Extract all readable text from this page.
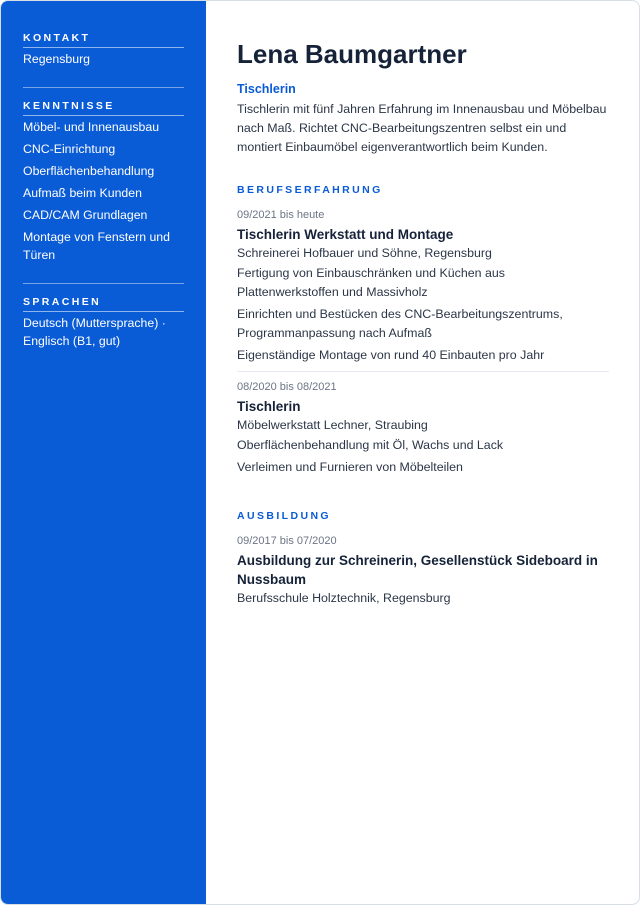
KONTAKT
Regensburg
KENNTNISSE
Möbel- und Innenausbau
CNC-Einrichtung
Oberflächenbehandlung
Aufmaß beim Kunden
CAD/CAM Grundlagen
Montage von Fenstern und Türen
SPRACHEN
Deutsch (Muttersprache) · Englisch (B1, gut)
Lena Baumgartner
Tischlerin
Tischlerin mit fünf Jahren Erfahrung im Innenausbau und Möbelbau nach Maß. Richtet CNC-Bearbeitungszentren selbst ein und montiert Einbaumöbel eigenverantwortlich beim Kunden.
BERUFSERFAHRUNG
09/2021 bis heute
Tischlerin Werkstatt und Montage
Schreinerei Hofbauer und Söhne, Regensburg
Fertigung von Einbauschränken und Küchen aus Plattenwerkstoffen und Massivholz
Einrichten und Bestücken des CNC-Bearbeitungszentrums, Programmanpassung nach Aufmaß
Eigenständige Montage von rund 40 Einbauten pro Jahr
08/2020 bis 08/2021
Tischlerin
Möbelwerkstatt Lechner, Straubing
Oberflächenbehandlung mit Öl, Wachs und Lack
Verleimen und Furnieren von Möbelteilen
AUSBILDUNG
09/2017 bis 07/2020
Ausbildung zur Schreinerin, Gesellenstück Sideboard in Nussbaum
Berufsschule Holztechnik, Regensburg
